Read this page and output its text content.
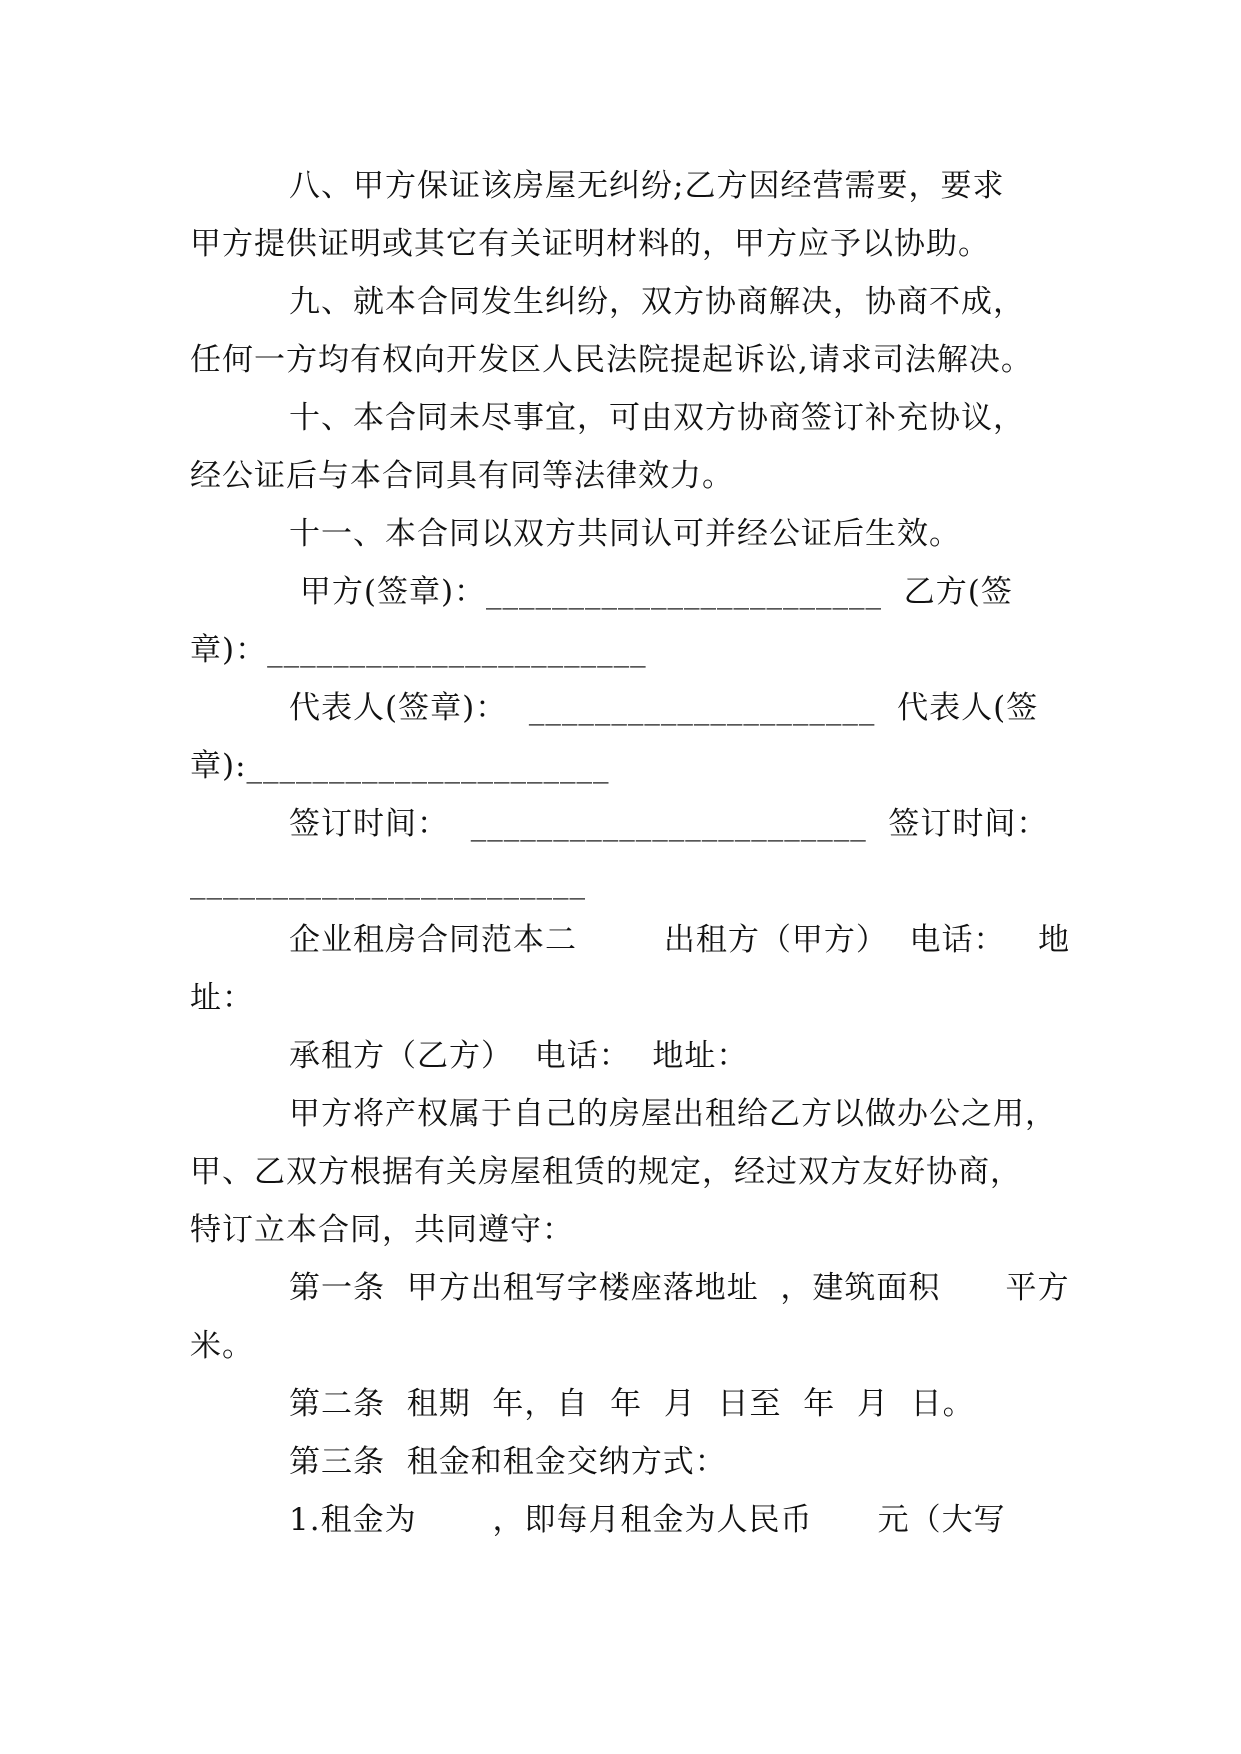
八、甲方保证该房屋无纠纷;乙方因经营需要，要求
甲方提供证明或其它有关证明材料的，甲方应予以协助。
九、就本合同发生纠纷，双方协商解决，协商不成，
任何一方均有权向开发区人民法院提起诉讼,请求司法解决。
十、本合同未尽事宜，可由双方协商签订补充协议，
经公证后与本合同具有同等法律效力。
十一、本合同以双方共同认可并经公证后生效。
甲方(签章)：________________________  乙方(签
章)：_______________________
代表人(签章)：  _____________________  代表人(签
章):______________________
签订时间：  ________________________  签订时间：
________________________
企业租房合同范本二        出租方（甲方）  电话：   地
址：
承租方（乙方）  电话：  地址：
甲方将产权属于自己的房屋出租给乙方以做办公之用，
甲、乙双方根据有关房屋租赁的规定，经过双方友好协商，
特订立本合同，共同遵守：
第一条  甲方出租写字楼座落地址  ，建筑面积      平方
米。
第二条  租期  年，自  年  月  日至  年  月  日。
第三条  租金和租金交纳方式：
1.租金为       ，即每月租金为人民币      元（大写
